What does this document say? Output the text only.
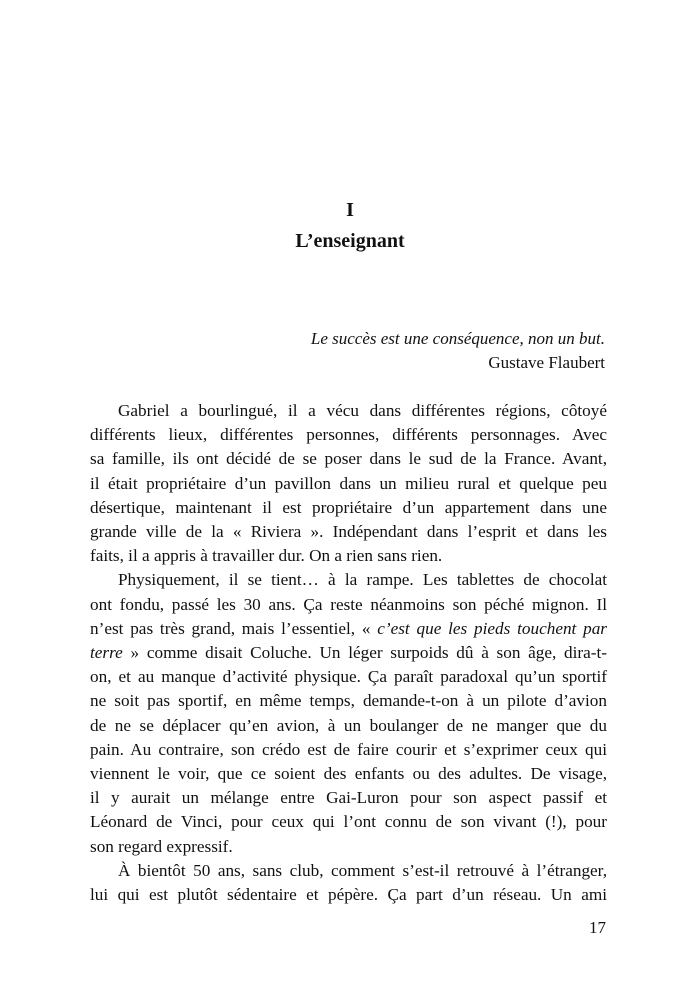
I
L’enseignant
Le succès est une conséquence, non un but.
Gustave Flaubert
Gabriel a bourlingué, il a vécu dans différentes régions, côtoyé
différents lieux, différentes personnes, différents personnages. Avec
sa famille, ils ont décidé de se poser dans le sud de la France. Avant,
il était propriétaire d’un pavillon dans un milieu rural et quelque peu
désertique, maintenant il est propriétaire d’un appartement dans une
grande ville de la « Riviera ». Indépendant dans l’esprit et dans les
faits, il a appris à travailler dur. On a rien sans rien.
Physiquement, il se tient… à la rampe. Les tablettes de chocolat
ont fondu, passé les 30 ans. Ça reste néanmoins son péché mignon. Il
n’est pas très grand, mais l’essentiel, « c’est que les pieds touchent par
terre » comme disait Coluche. Un léger surpoids dû à son âge, dira-t-
on, et au manque d’activité physique. Ça paraît paradoxal qu’un sportif
ne soit pas sportif, en même temps, demande-t-on à un pilote d’avion
de ne se déplacer qu’en avion, à un boulanger de ne manger que du
pain. Au contraire, son crédo est de faire courir et s’exprimer ceux qui
viennent le voir, que ce soient des enfants ou des adultes. De visage,
il y aurait un mélange entre Gai-Luron pour son aspect passif et
Léonard de Vinci, pour ceux qui l’ont connu de son vivant (!), pour
son regard expressif.
À bientôt 50 ans, sans club, comment s’est-il retrouvé à l’étranger,
lui qui est plutôt sédentaire et pépère. Ça part d’un réseau. Un ami
17
